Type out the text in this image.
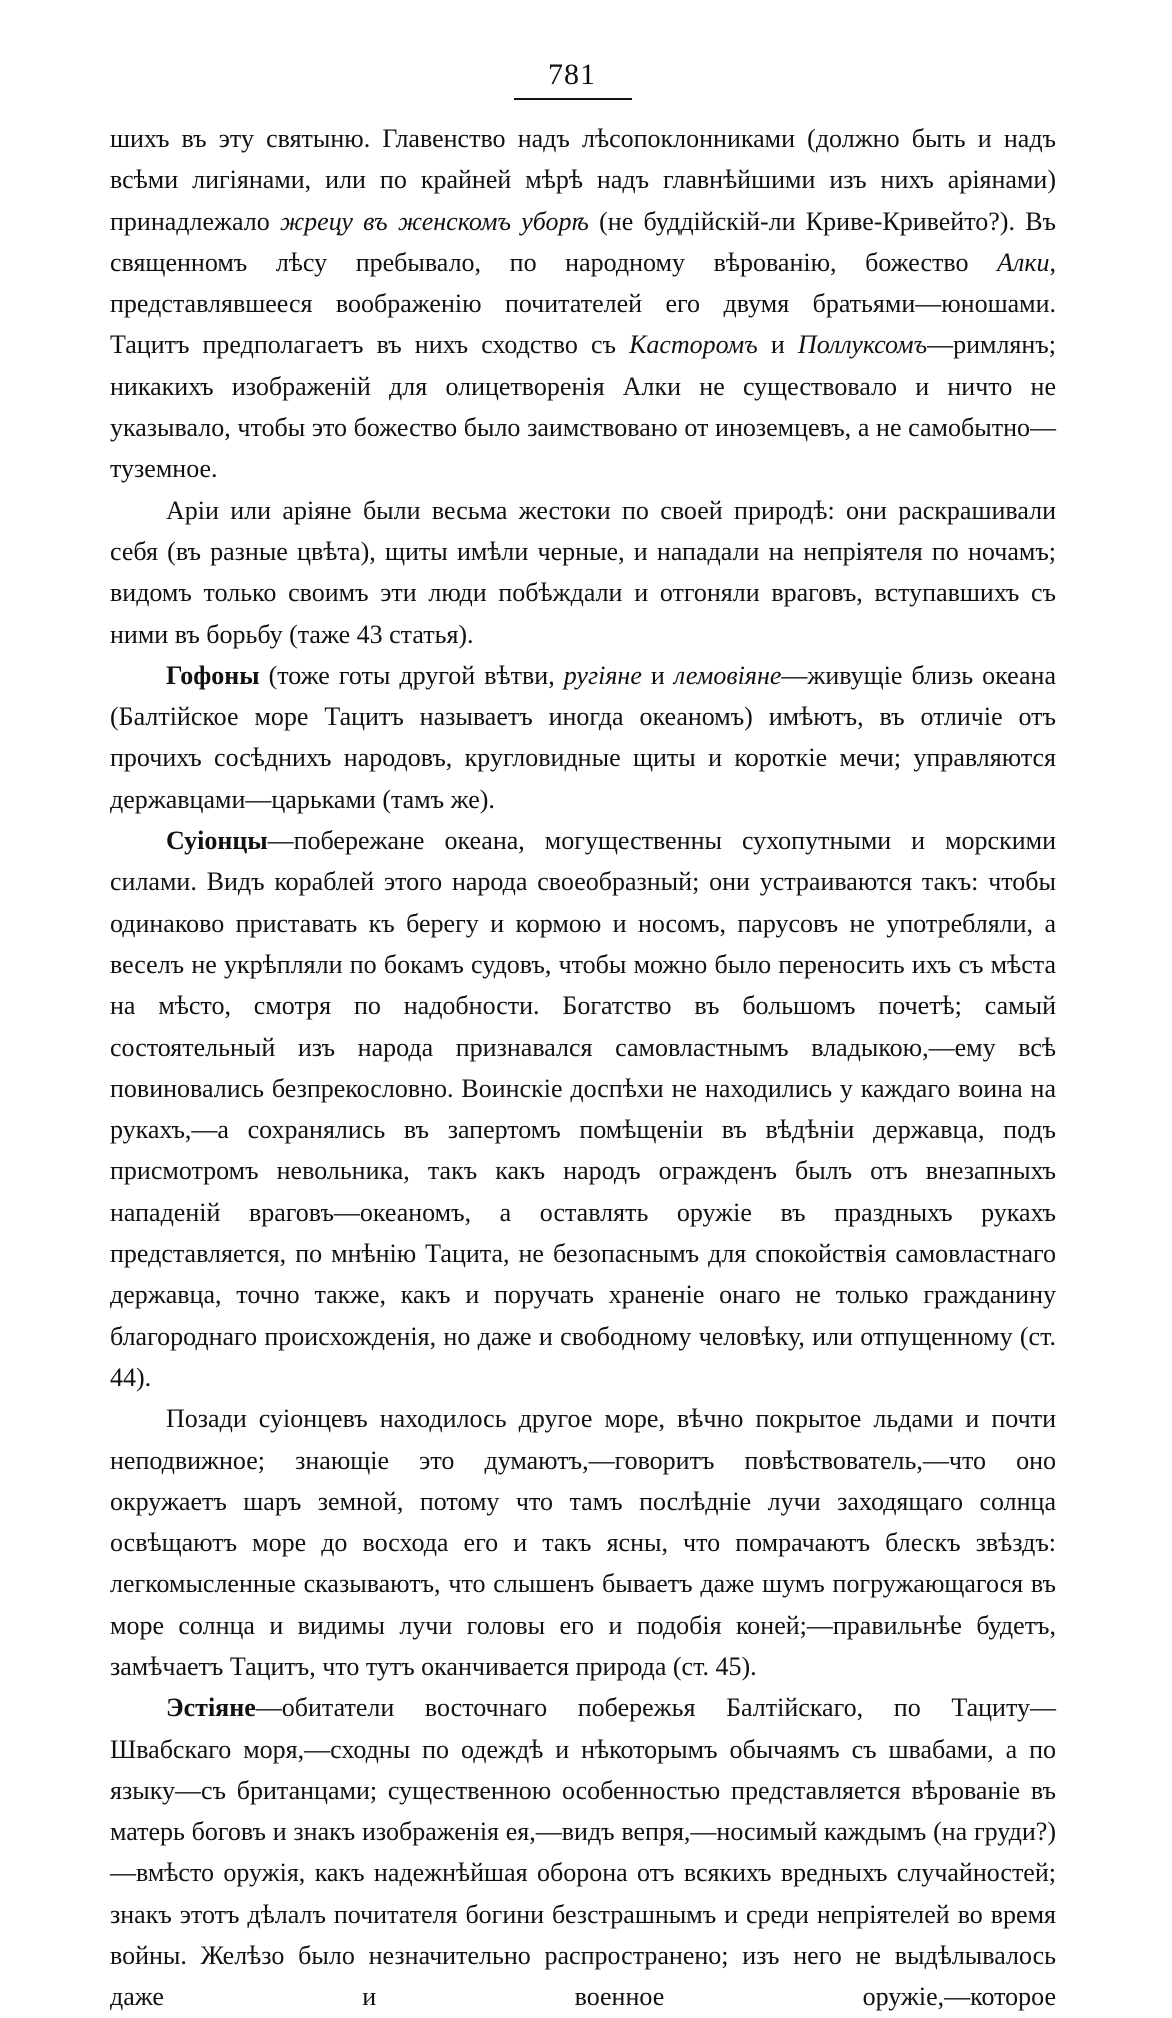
781

шихъ въ эту святыню. Главенство надъ лѣсопоклонниками (должно быть и надъ всѣми лигіянами, или по крайней мѣрѣ надъ главнѣйшими изъ нихъ аріянами) принадлежало жрецу въ женскомъ уборѣ (не буддійскій-ли Криве-Кривейто?). Въ священномъ лѣсу пребывало, по народному вѣрованію, божество Алки, представлявшееся воображенію почитателей его двумя братьями—юношами. Тацитъ предполагаетъ въ нихъ сходство съ Касторомъ и Поллуксомъ—римлянъ; никакихъ изображеній для олицетворенія Алки не существовало и ничто не указывало, чтобы это божество было заимствовано от иноземцевъ, а не самобытно—туземное.

Аріи или аріяне были весьма жестоки по своей природѣ: они раскрашивали себя (въ разные цвѣта), щиты имѣли черные, и нападали на непріятеля по ночамъ; видомъ только своимъ эти люди побѣждали и отгоняли враговъ, вступавшихъ съ ними въ борьбу (таже 43 статья).

Гофоны (тоже готы другой вѣтви, ругіяне и лемовіяне—живущіе близь океана (Балтійское море Тацитъ называетъ иногда океаномъ) имѣютъ, въ отличіе отъ прочихъ сосѣднихъ народовъ, кругловидные щиты и короткіе мечи; управляются державцами—царьками (тамъ же).

Суіонцы—побережане океана, могущественны сухопутными и морскими силами. Видъ кораблей этого народа своеобразный; они устраиваются такъ: чтобы одинаково приставать къ берегу и кормою и носомъ, парусовъ не употребляли, а веселъ не укрѣпляли по бокамъ судовъ, чтобы можно было переносить ихъ съ мѣста на мѣсто, смотря по надобности. Богатство въ большомъ почетѣ; самый состоятельный изъ народа признавался самовластнымъ владыкою,—ему всѣ повиновались безпрекословно. Воинскіе доспѣхи не находились у каждаго воина на рукахъ,—а сохранялись въ запертомъ помѣщеніи въ вѣдѣніи державца, подъ присмотромъ невольника, такъ какъ народъ огражденъ былъ отъ внезапныхъ нападеній враговъ—океаномъ, а оставлять оружіе въ праздныхъ рукахъ представляется, по мнѣнію Тацита, не безопаснымъ для спокойствія самовластнаго державца, точно также, какъ и поручать храненіе онаго не только гражданину благороднаго происхожденія, но даже и свободному человѣку, или отпущенному (ст. 44).

Позади суіонцевъ находилось другое море, вѣчно покрытое льдами и почти неподвижное; знающіе это думаютъ,—говоритъ повѣствователь,—что оно окружаетъ шаръ земной, потому что тамъ послѣдніе лучи заходящаго солнца освѣщаютъ море до восхода его и такъ ясны, что помрачаютъ блескъ звѣздъ: легкомысленные сказываютъ, что слышенъ бываетъ даже шумъ погружающагося въ море солнца и видимы лучи головы его и подобія коней;—правильнѣе будетъ, замѣчаетъ Тацитъ, что тутъ оканчивается природа (ст. 45).

Эстіяне—обитатели восточнаго побережья Балтійскаго, по Тациту—Швабскаго моря,—сходны по одеждѣ и нѣкоторымъ обычаямъ съ швабами, а по языку—съ британцами; существенною особенностью представляется вѣрованіе въ матерь боговъ и знакъ изображенія ея,—видъ вепря,—носимый каждымъ (на груди?)—вмѣсто оружія, какъ надежнѣйшая оборона отъ всякихъ вредныхъ случайностей; знакъ этотъ дѣлалъ почитателя богини безстрашнымъ и среди непріятелей во время войны. Желѣзо было незначительно распространено; изъ него не выдѣлывалось даже и военное оружіе,—которое
